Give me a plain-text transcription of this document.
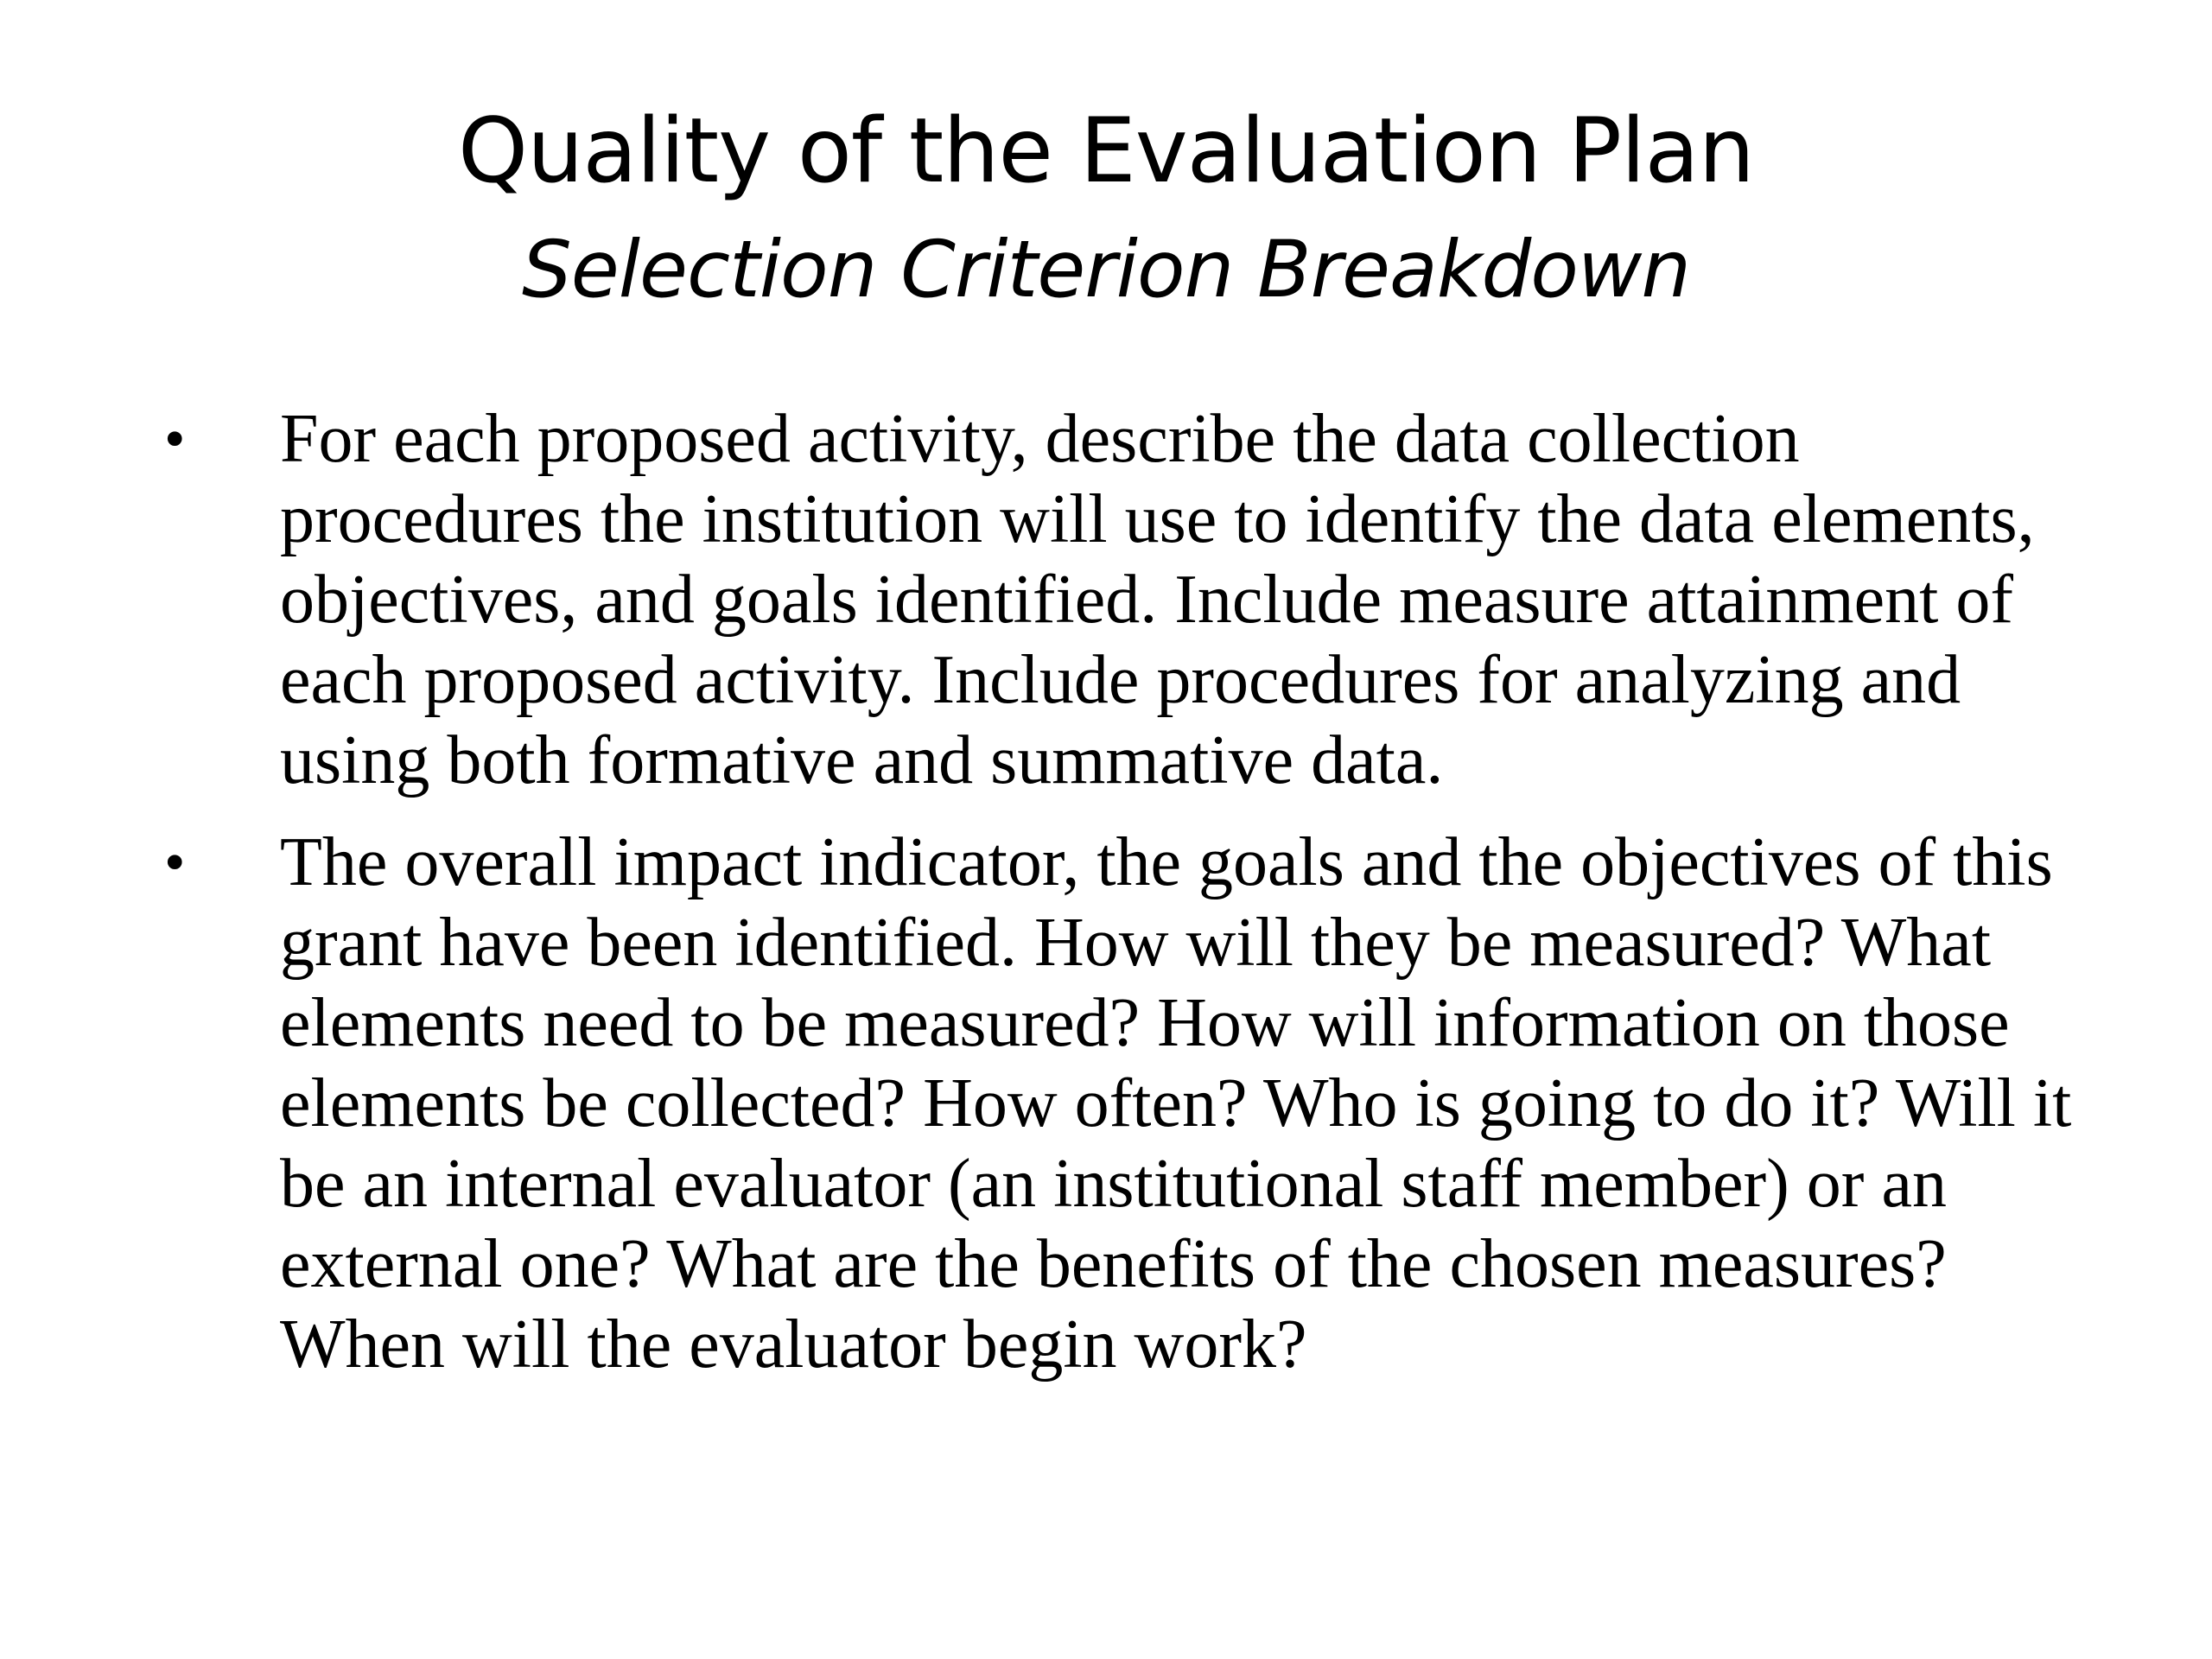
Quality of the Evaluation Plan
Selection Criterion Breakdown
• For each proposed activity, describe the data collection procedures the institution will use to identify the data elements, objectives, and goals identified. Include measure attainment of each proposed activity. Include procedures for analyzing and using both formative and summative data.
• The overall impact indicator, the goals and the objectives of this grant have been identified. How will they be measured? What elements need to be measured? How will information on those elements be collected? How often? Who is going to do it? Will it be an internal evaluator (an institutional staff member) or an external one? What are the benefits of the chosen measures? When will the evaluator begin work?
